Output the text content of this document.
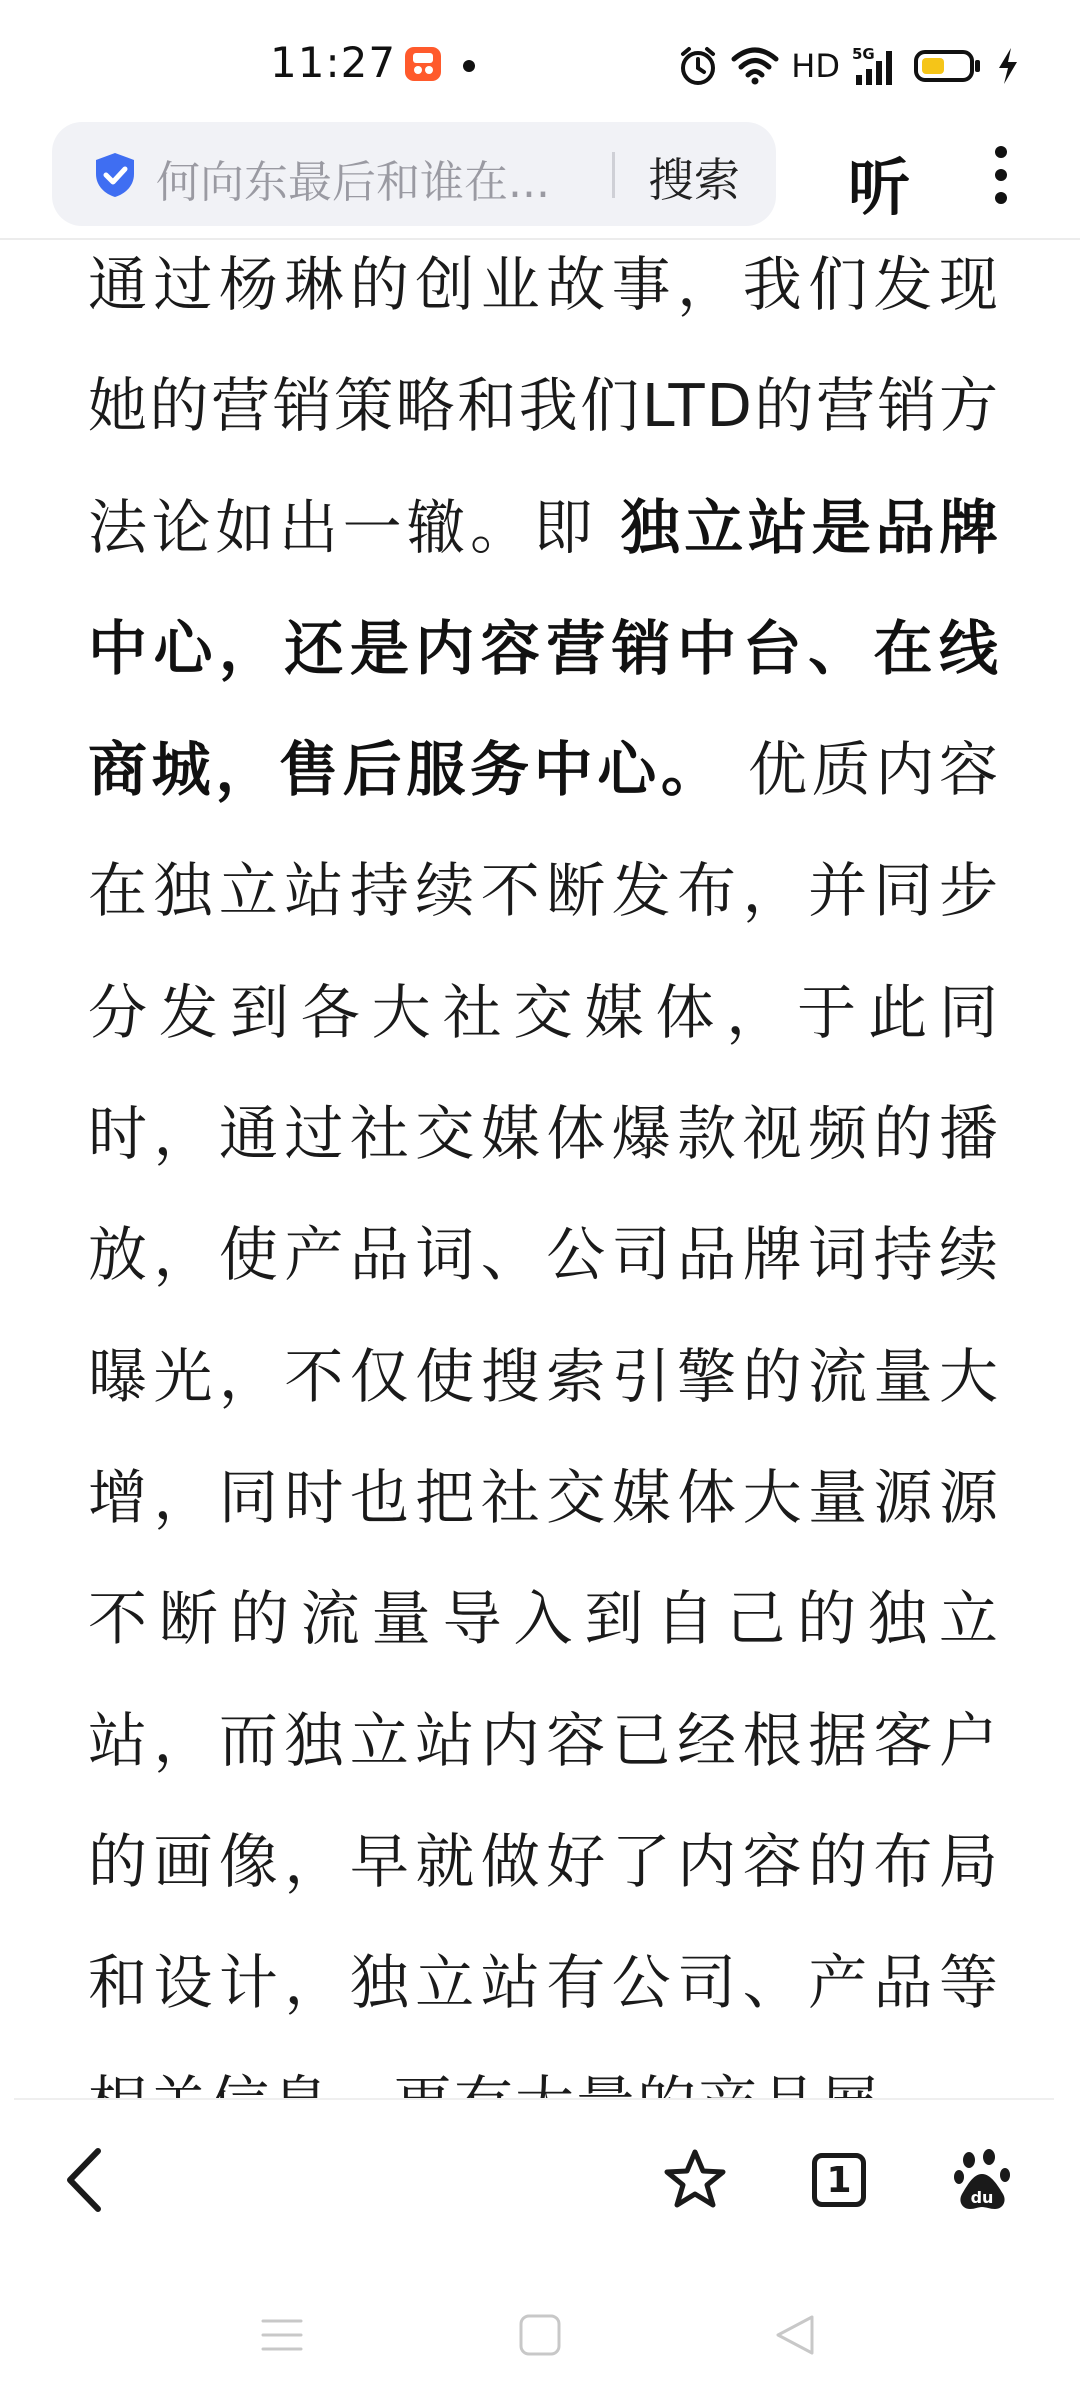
11:27	HD 5G
何向东最后和谁在...	搜索 听

通过杨琳的创业故事，我们发现她的营销策略和我们LTD的营销方法论如出一辙。即 独立站是品牌中心，还是内容营销中台、在线商城，售后服务中心。 优质内容在独立站持续不断发布，并同步分发到各大社交媒体，于此同时，通过社交媒体爆款视频的播放，使产品词、公司品牌词持续曝光，不仅使搜索引擎的流量大增，同时也把社交媒体大量源源不断的流量导入到自己的独立站，而独立站内容已经根据客户的画像，早就做好了内容的布局和设计，独立站有公司、产品等

1	du
